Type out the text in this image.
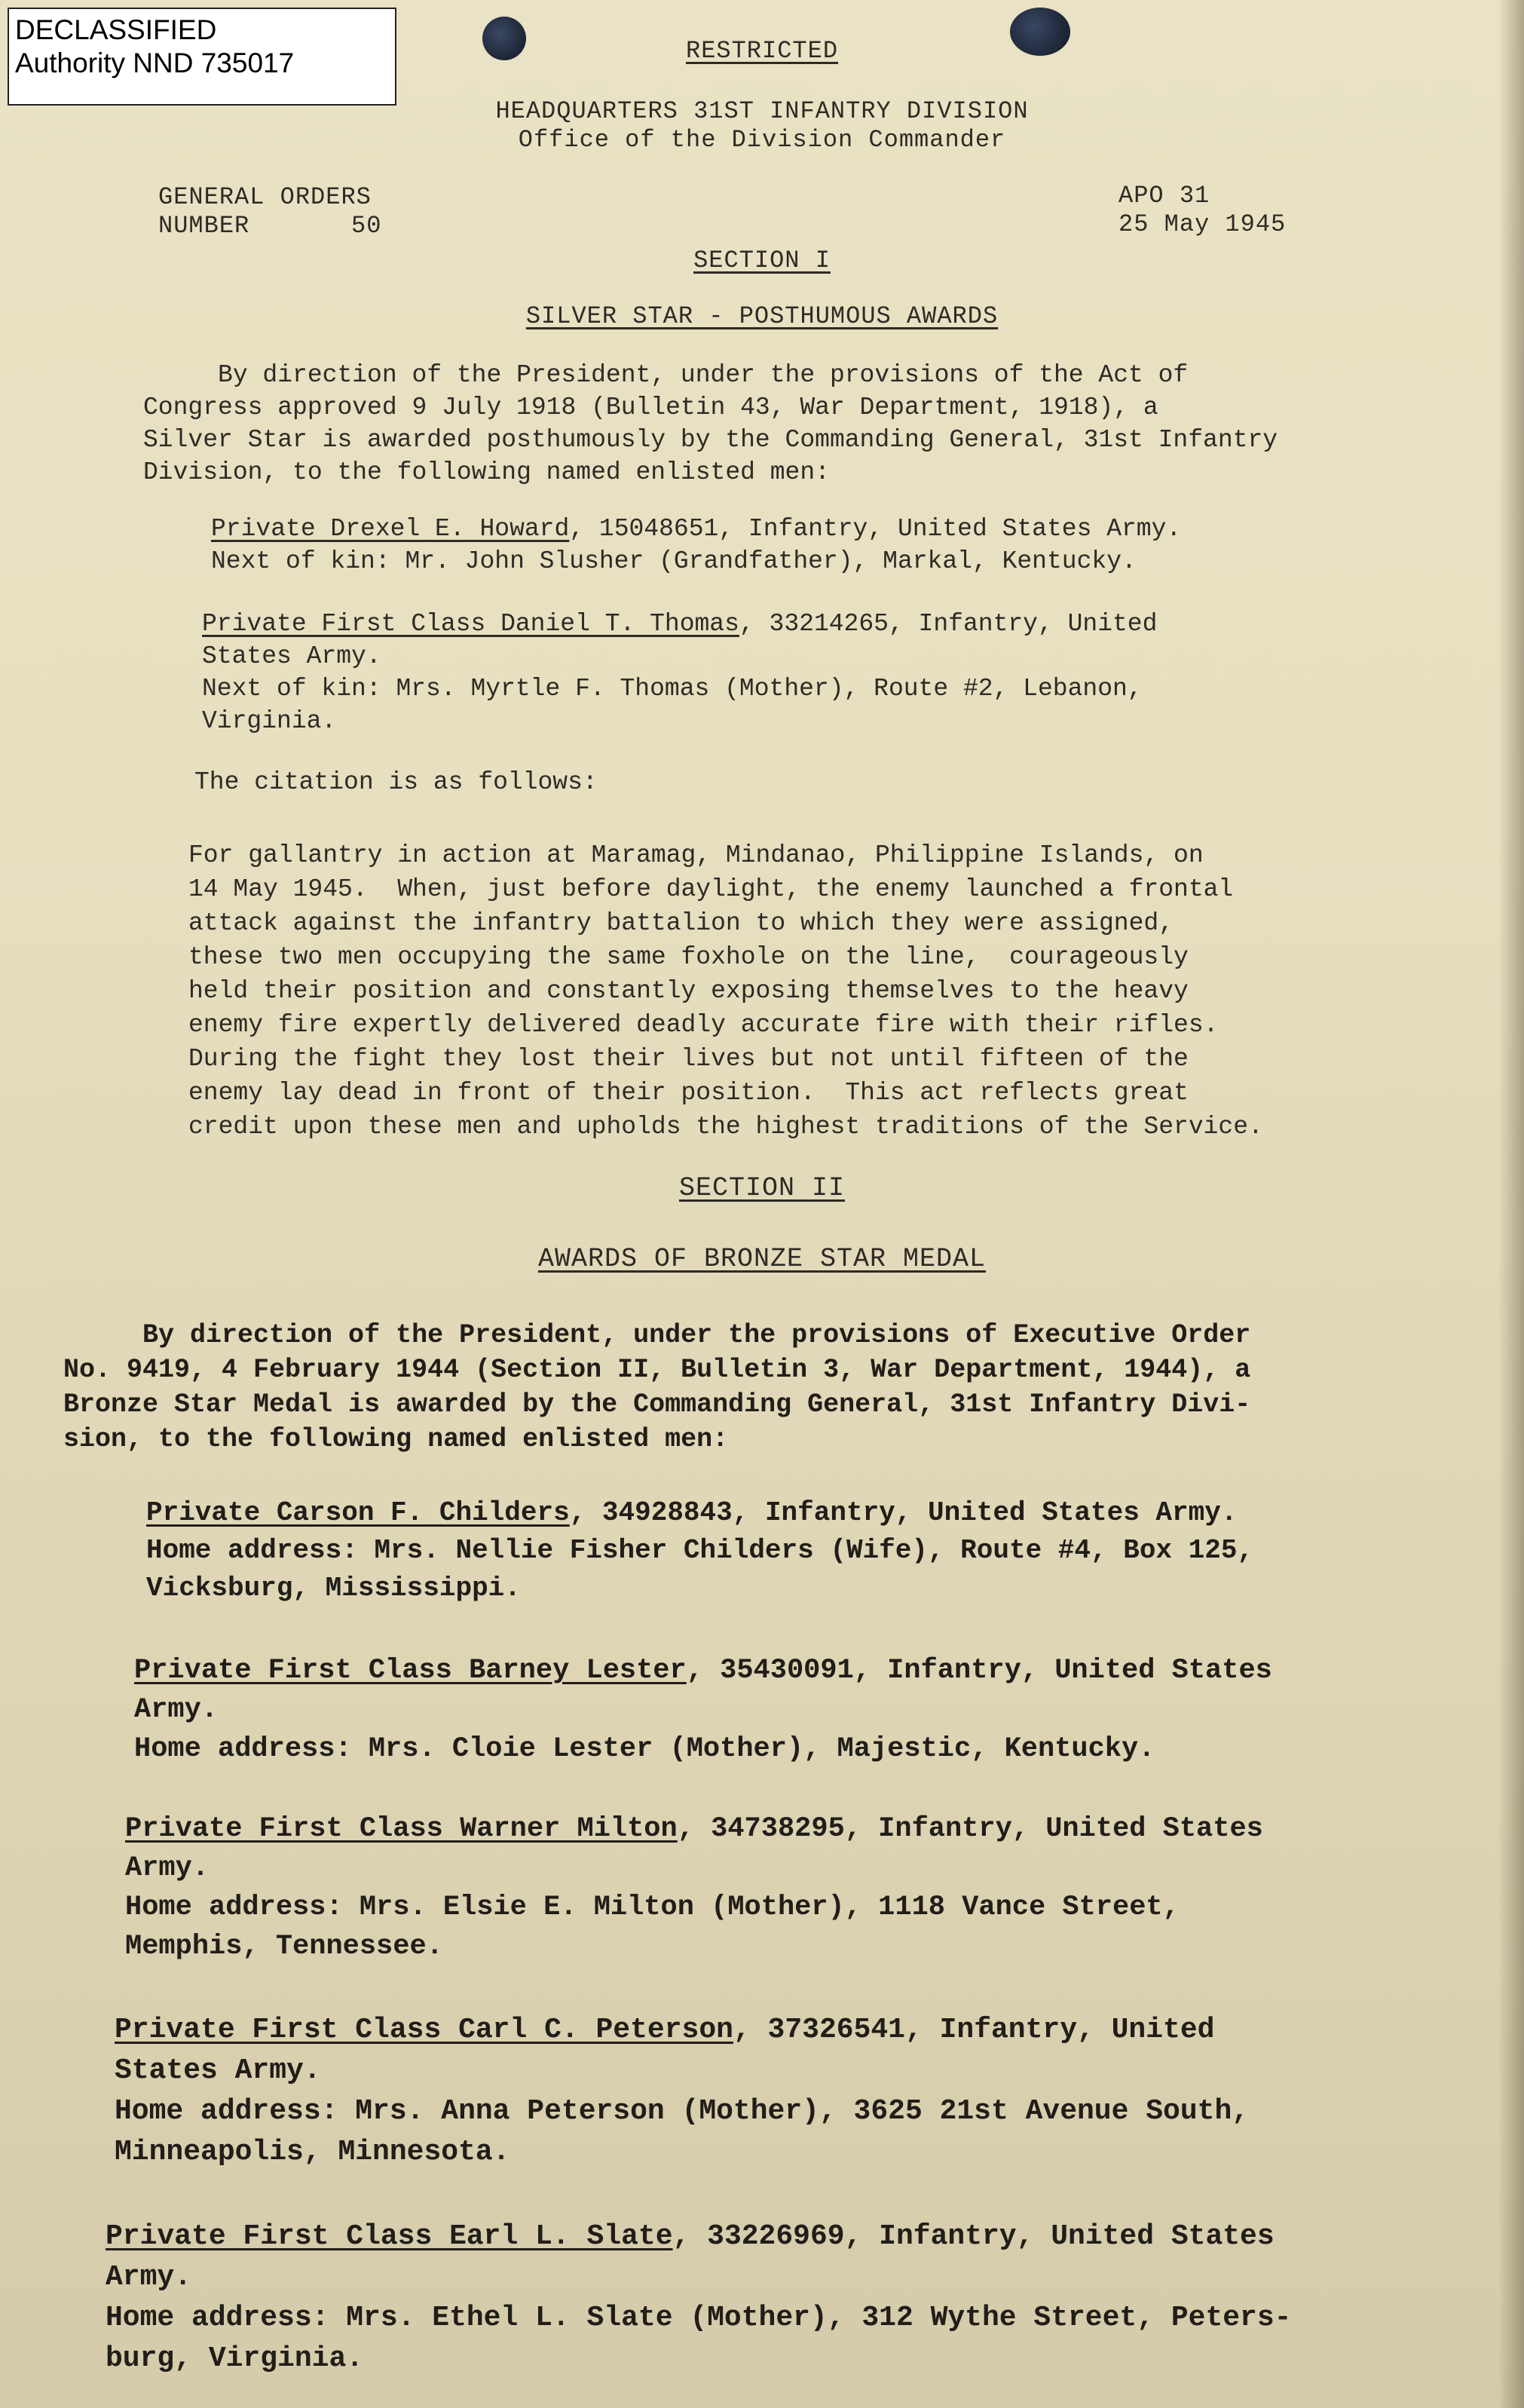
DECLASSIFIED
Authority NND 735017	RESTRICTED
HEADQUARTERS 31ST INFANTRY DIVISION
Office of the Division Commander
GENERAL ORDERS
NUMBER	50
APO 31
25 May 1945
SECTION I
SILVER STAR - POSTHUMOUS AWARDS
By direction of the President, under the provisions of the Act of
Congress approved 9 July 1918 (Bulletin 43, War Department, 1918), a
Silver Star is awarded posthumously by the Commanding General, 31st Infantry
Division, to the following named enlisted men:
Private Drexel E. Howard, 15048651, Infantry, United States Army.
Next of kin: Mr. John Slusher (Grandfather), Markal, Kentucky.
Private First Class Daniel T. Thomas, 33214265, Infantry, United
States Army.
Next of kin: Mrs. Myrtle F. Thomas (Mother), Route #2, Lebanon,
Virginia.
The citation is as follows:
For gallantry in action at Maramag, Mindanao, Philippine Islands, on
14 May 1945.  When, just before daylight, the enemy launched a frontal
attack against the infantry battalion to which they were assigned,
these two men occupying the same foxhole on the line,  courageously
held their position and constantly exposing themselves to the heavy
enemy fire expertly delivered deadly accurate fire with their rifles.
During the fight they lost their lives but not until fifteen of the
enemy lay dead in front of their position.  This act reflects great
credit upon these men and upholds the highest traditions of the Service.
SECTION II
AWARDS OF BRONZE STAR MEDAL
By direction of the President, under the provisions of Executive Order
No. 9419, 4 February 1944 (Section II, Bulletin 3, War Department, 1944), a
Bronze Star Medal is awarded by the Commanding General, 31st Infantry Divi-
sion, to the following named enlisted men:
Private Carson F. Childers, 34928843, Infantry, United States Army.
Home address: Mrs. Nellie Fisher Childers (Wife), Route #4, Box 125,
Vicksburg, Mississippi.
Private First Class Barney Lester, 35430091, Infantry, United States
Army.
Home address: Mrs. Cloie Lester (Mother), Majestic, Kentucky.
Private First Class Warner Milton, 34738295, Infantry, United States
Army.
Home address: Mrs. Elsie E. Milton (Mother), 1118 Vance Street,
Memphis, Tennessee.
Private First Class Carl C. Peterson, 37326541, Infantry, United
States Army.
Home address: Mrs. Anna Peterson (Mother), 3625 21st Avenue South,
Minneapolis, Minnesota.
Private First Class Earl L. Slate, 33226969, Infantry, United States
Army.
Home address: Mrs. Ethel L. Slate (Mother), 312 Wythe Street, Peters-
burg, Virginia.
